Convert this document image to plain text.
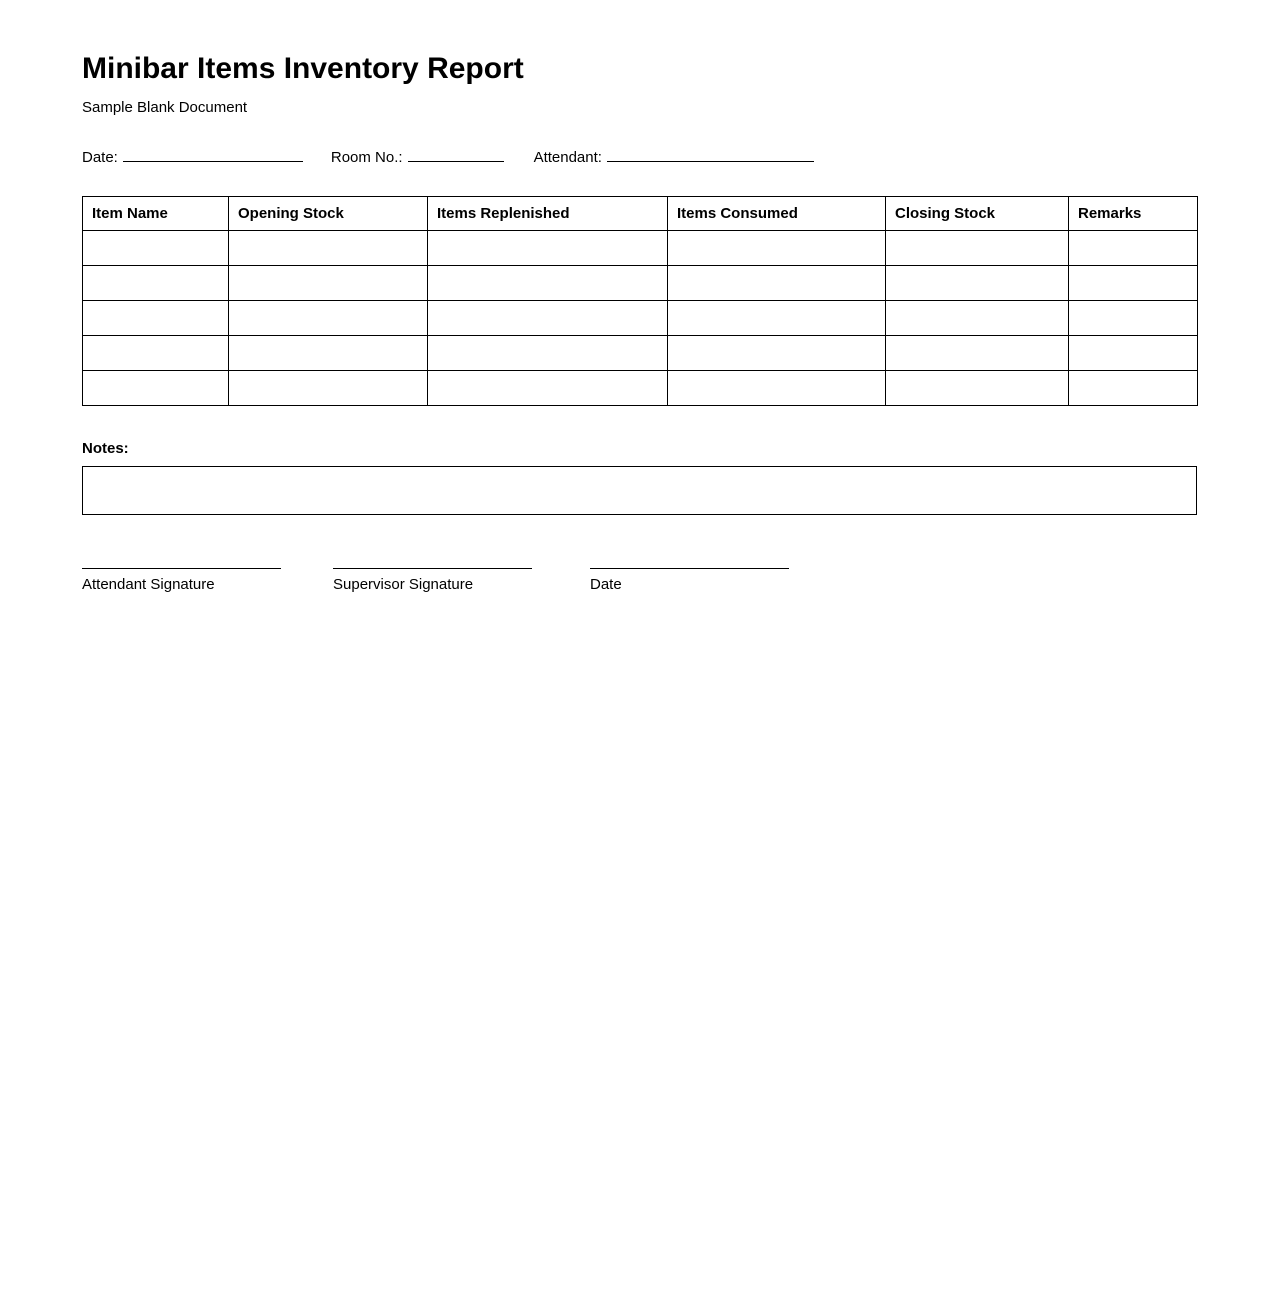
Minibar Items Inventory Report
Sample Blank Document
Date:	Room No.:	Attendant:
Item Name	Opening Stock	Items Replenished	Items Consumed	Closing Stock	Remarks

Notes:
Attendant Signature	Supervisor Signature	Date
